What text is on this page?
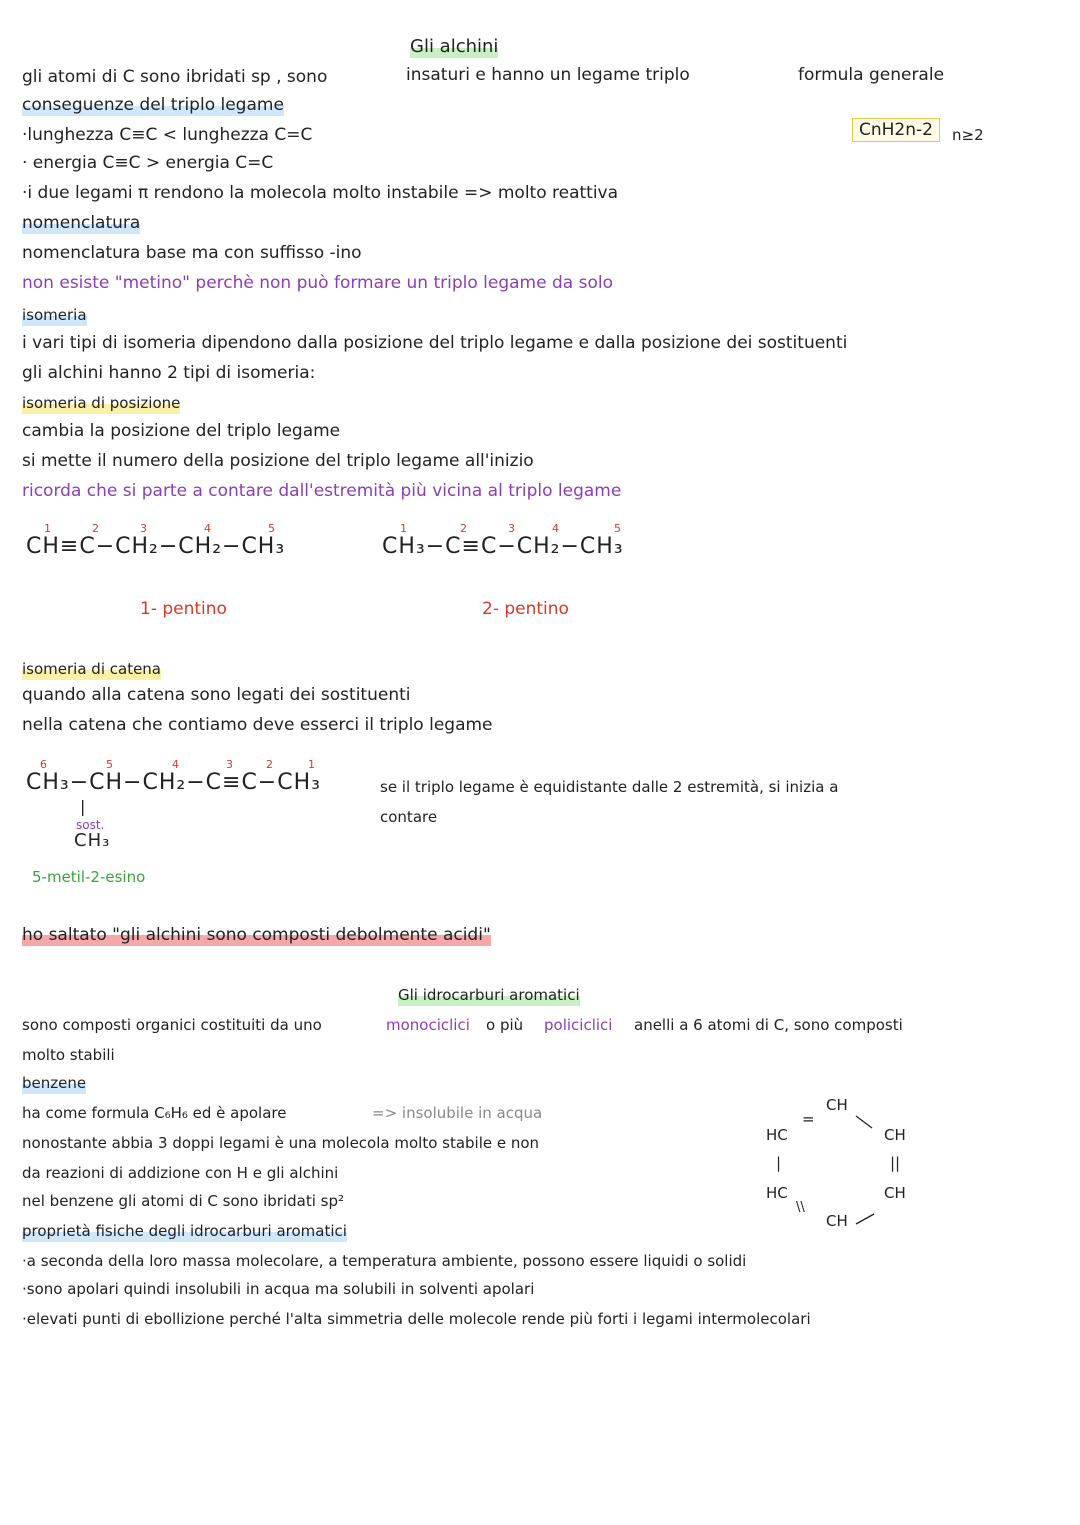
Gli alchini
gli atomi di C sono ibridati sp , sono	insaturi e hanno un legame triplo	formula generale
CnH2n-2	n≥2
conseguenze del triplo legame
·lunghezza C≡C < lunghezza C=C
· energia C≡C > energia C=C
·i due legami π rendono la molecola molto instabile => molto reattiva
nomenclatura
nomenclatura base ma con suffisso -ino
non esiste "metino" perchè non può formare un triplo legame da solo
isomeria
i vari tipi di isomeria dipendono dalla posizione del triplo legame e dalla posizione dei sostituenti
gli alchini hanno 2 tipi di isomeria:
isomeria di posizione
cambia la posizione del triplo legame
si mette il numero della posizione del triplo legame all'inizio
ricorda che si parte a contare dall'estremità più vicina al triplo legame
1	2	3	4	5
CH≡C−CH₂−CH₂−CH₃
1- pentino
1	2	3	4	5
CH₃−C≡C−CH₂−CH₃
2- pentino
isomeria di catena
quando alla catena sono legati dei sostituenti
nella catena che contiamo deve esserci il triplo legame
6	5	4	3	2	1
CH₃−CH−CH₂−C≡C−CH₃	se il triplo legame è equidistante dalle 2 estremità, si inizia a
contare
|
sost.
CH₃
5-metil-2-esino
ho saltato "gli alchini sono composti debolmente acidi"
Gli idrocarburi aromatici
sono composti organici costituiti da uno	monociclici o più policiclici anelli a 6 atomi di C, sono composti
molto stabili
benzene
ha come formula C₆H₆ ed è apolare	=> insolubile in acqua
nonostante abbia 3 doppi legami è una molecola molto stabile e non
da reazioni di addizione con H e gli alchini
nel benzene gli atomi di C sono ibridati sp²
CH
=
HC	CH
|	||
HC	CH
\\
CH
proprietà fisiche degli idrocarburi aromatici
·a seconda della loro massa molecolare, a temperatura ambiente, possono essere liquidi o solidi
·sono apolari quindi insolubili in acqua ma solubili in solventi apolari
·elevati punti di ebollizione perché l'alta simmetria delle molecole rende più forti i legami intermolecolari
